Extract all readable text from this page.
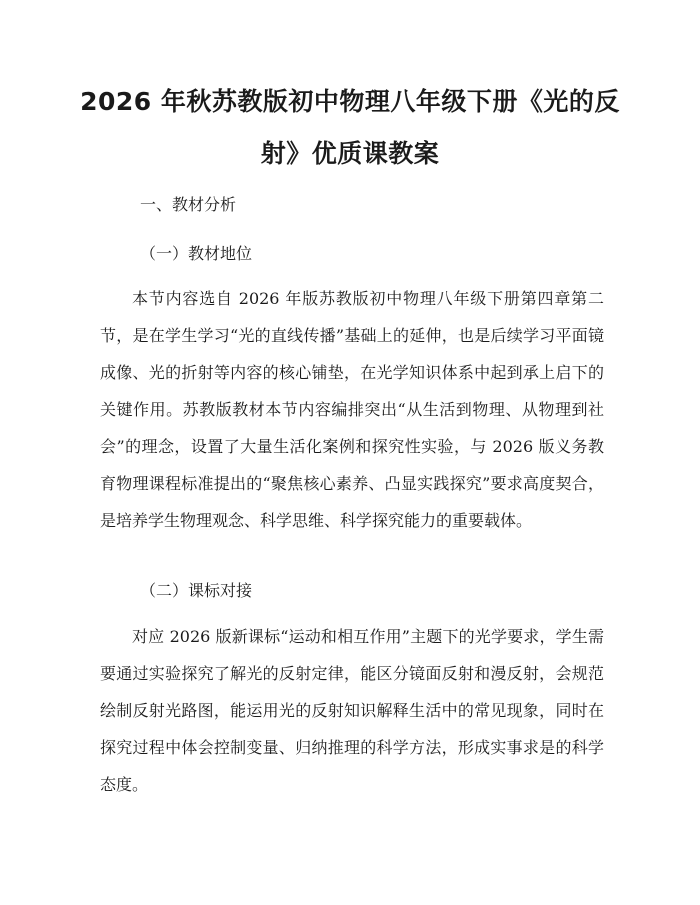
2026 年秋苏教版初中物理八年级下册《光的反射》优质课教案

一、教材分析

（一）教材地位

本节内容选自 2026 年版苏教版初中物理八年级下册第四章第二节，是在学生学习“光的直线传播”基础上的延伸，也是后续学习平面镜成像、光的折射等内容的核心铺垫，在光学知识体系中起到承上启下的关键作用。苏教版教材本节内容编排突出“从生活到物理、从物理到社会”的理念，设置了大量生活化案例和探究性实验，与 2026 版义务教育物理课程标准提出的“聚焦核心素养、凸显实践探究”要求高度契合，是培养学生物理观念、科学思维、科学探究能力的重要载体。

（二）课标对接

对应 2026 版新课标“运动和相互作用”主题下的光学要求，学生需要通过实验探究了解光的反射定律，能区分镜面反射和漫反射，会规范绘制反射光路图，能运用光的反射知识解释生活中的常见现象，同时在探究过程中体会控制变量、归纳推理的科学方法，形成实事求是的科学态度。
